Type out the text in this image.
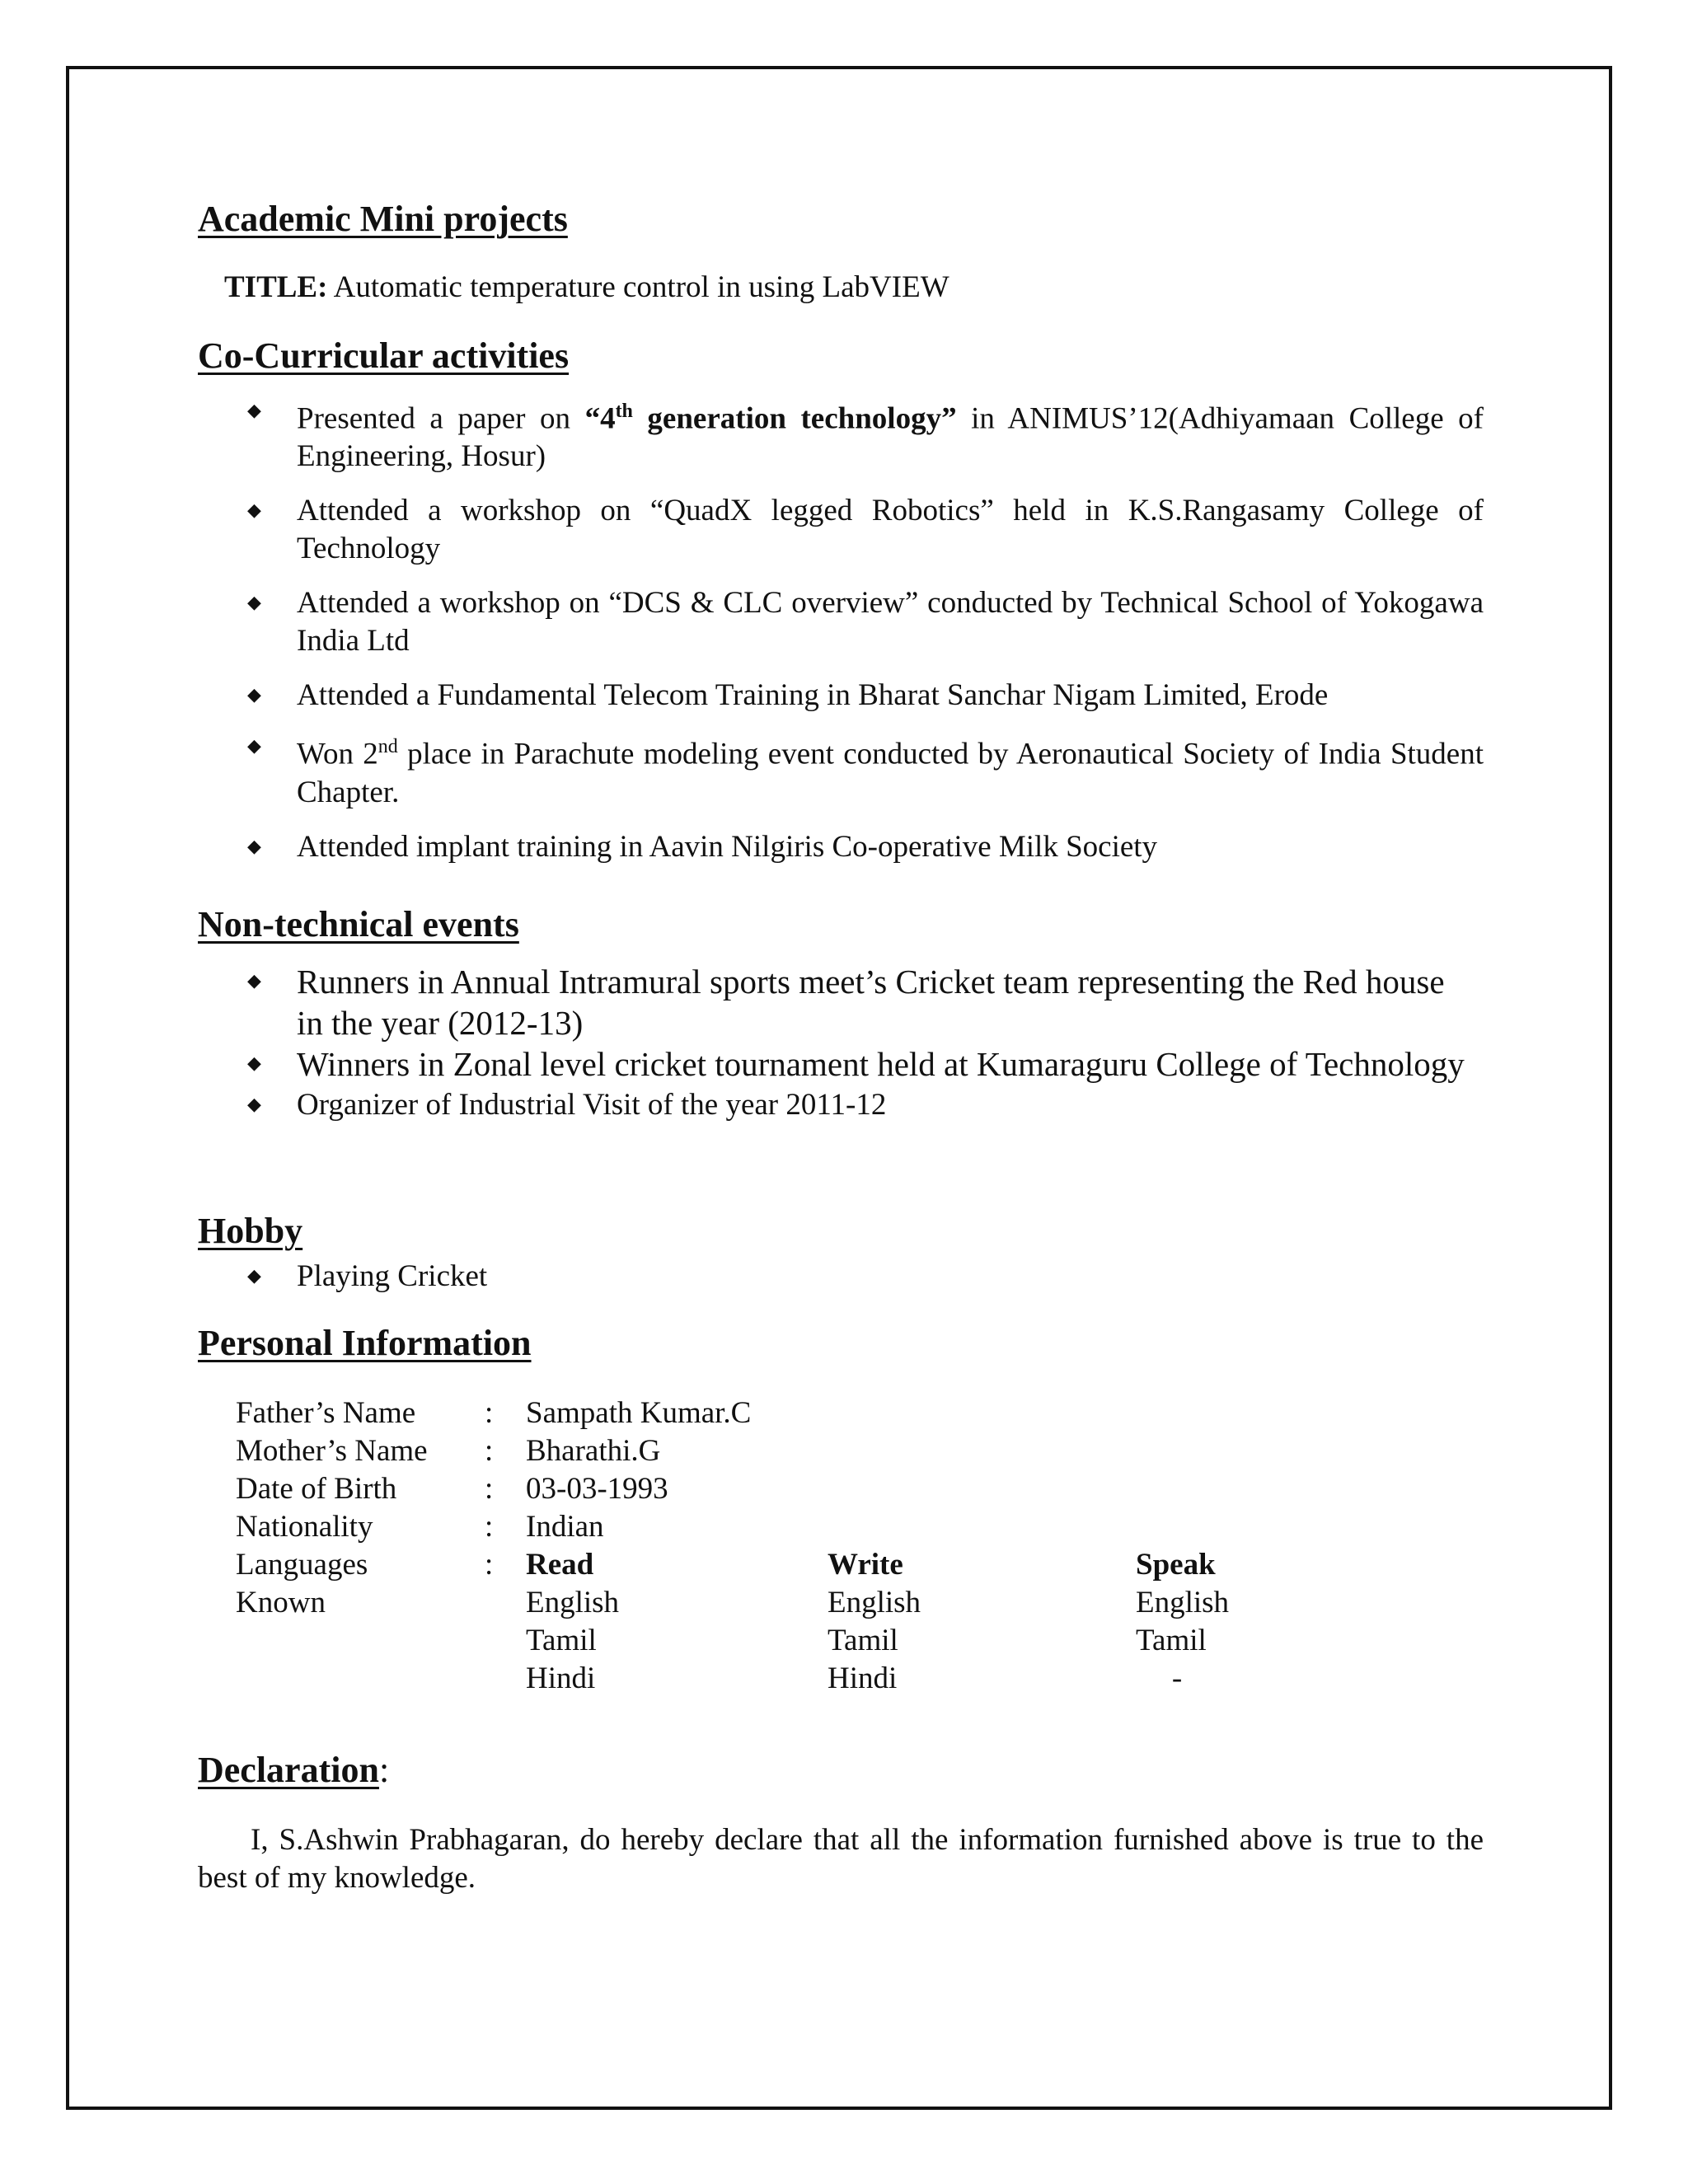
Academic Mini projects
TITLE: Automatic temperature control in using LabVIEW
Co-Curricular activities
◆ Presented a paper on “4th generation technology” in ANIMUS’12(Adhiyamaan College of Engineering, Hosur)
◆ Attended a workshop on “QuadX legged Robotics” held in K.S.Rangasamy College of Technology
◆ Attended a workshop on “DCS & CLC overview” conducted by Technical School of Yokogawa India Ltd
◆ Attended a Fundamental Telecom Training in Bharat Sanchar Nigam Limited, Erode
◆ Won 2nd place in Parachute modeling event conducted by Aeronautical Society of India Student Chapter.
◆ Attended implant training in Aavin Nilgiris Co-operative Milk Society
Non-technical events
◆ Runners in Annual Intramural sports meet’s Cricket team representing the Red house in the year (2012-13)
◆ Winners in Zonal level cricket tournament held at Kumaraguru College of Technology
◆ Organizer of Industrial Visit of the year 2011-12
Hobby
◆ Playing Cricket
Personal Information
Father’s Name : Sampath Kumar.C
Mother’s Name : Bharathi.G
Date of Birth	: 03-03-1993
Nationality	: Indian
Languages	: Read	Write	Speak
Known	English	English	English
Tamil	Tamil	Tamil
Hindi	Hindi	-
Declaration:
I, S.Ashwin Prabhagaran, do hereby declare that all the information furnished above is true to the best of my knowledge.
